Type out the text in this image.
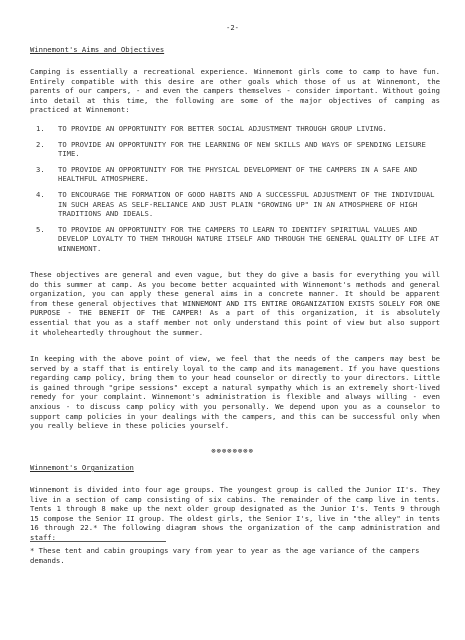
-2-
Winnemont's Aims and Objectives
Camping is essentially a recreational experience. Winnemont girls come to camp to have fun. Entirely compatible with this desire are other goals which those of us at Winnemont, the parents of our campers, - and even the campers themselves - consider important. Without going into detail at this time, the following are some of the major objectives of camping as practiced at Winnemont:
1. TO PROVIDE AN OPPORTUNITY FOR BETTER SOCIAL ADJUSTMENT THROUGH GROUP LIVING.
2. TO PROVIDE AN OPPORTUNITY FOR THE LEARNING OF NEW SKILLS AND WAYS OF SPENDING LEISURE TIME.
3. TO PROVIDE AN OPPORTUNITY FOR THE PHYSICAL DEVELOPMENT OF THE CAMPERS IN A SAFE AND HEALTHFUL ATMOSPHERE.
4. TO ENCOURAGE THE FORMATION OF GOOD HABITS AND A SUCCESSFUL ADJUSTMENT OF THE INDIVIDUAL IN SUCH AREAS AS SELF-RELIANCE AND JUST PLAIN "GROWING UP" IN AN ATMOSPHERE OF HIGH TRADITIONS AND IDEALS.
5. TO PROVIDE AN OPPORTUNITY FOR THE CAMPERS TO LEARN TO IDENTIFY SPIRITUAL VALUES AND DEVELOP LOYALTY TO THEM THROUGH NATURE ITSELF AND THROUGH THE GENERAL QUALITY OF LIFE AT WINNEMONT.
These objectives are general and even vague, but they do give a basis for everything you will do this summer at camp. As you become better acquainted with Winnemont's methods and general organization, you can apply these general aims in a concrete manner. It should be apparent from these general objectives that WINNEMONT AND ITS ENTIRE ORGANIZATION EXISTS SOLELY FOR ONE PURPOSE - THE BENEFIT OF THE CAMPER! As a part of this organization, it is absolutely essential that you as a staff member not only understand this point of view but also support it wholeheartedly throughout the summer.
In keeping with the above point of view, we feel that the needs of the campers may best be served by a staff that is entirely loyal to the camp and its management. If you have questions regarding camp policy, bring them to your head counselor or directly to your directors. Little is gained through "gripe sessions" except a natural sympathy which is an extremely short-lived remedy for your complaint. Winnemont's administration is flexible and always willing - even anxious - to discuss camp policy with you personally. We depend upon you as a counselor to support camp policies in your dealings with the campers, and this can be successful only when you really believe in these policies yourself.
⊗⊗⊗⊗⊗⊗⊗⊗
Winnemont's Organization
Winnemont is divided into four age groups. The youngest group is called the Junior II's. They live in a section of camp consisting of six cabins. The remainder of the camp live in tents. Tents 1 through 8 make up the next older group designated as the Junior I's. Tents 9 through 15 compose the Senior II group. The oldest girls, the Senior I's, live in "the alley" in tents 16 through 22.* The following diagram shows the organization of the camp administration and staff:
* These tent and cabin groupings vary from year to year as the age variance of the campers demands.
